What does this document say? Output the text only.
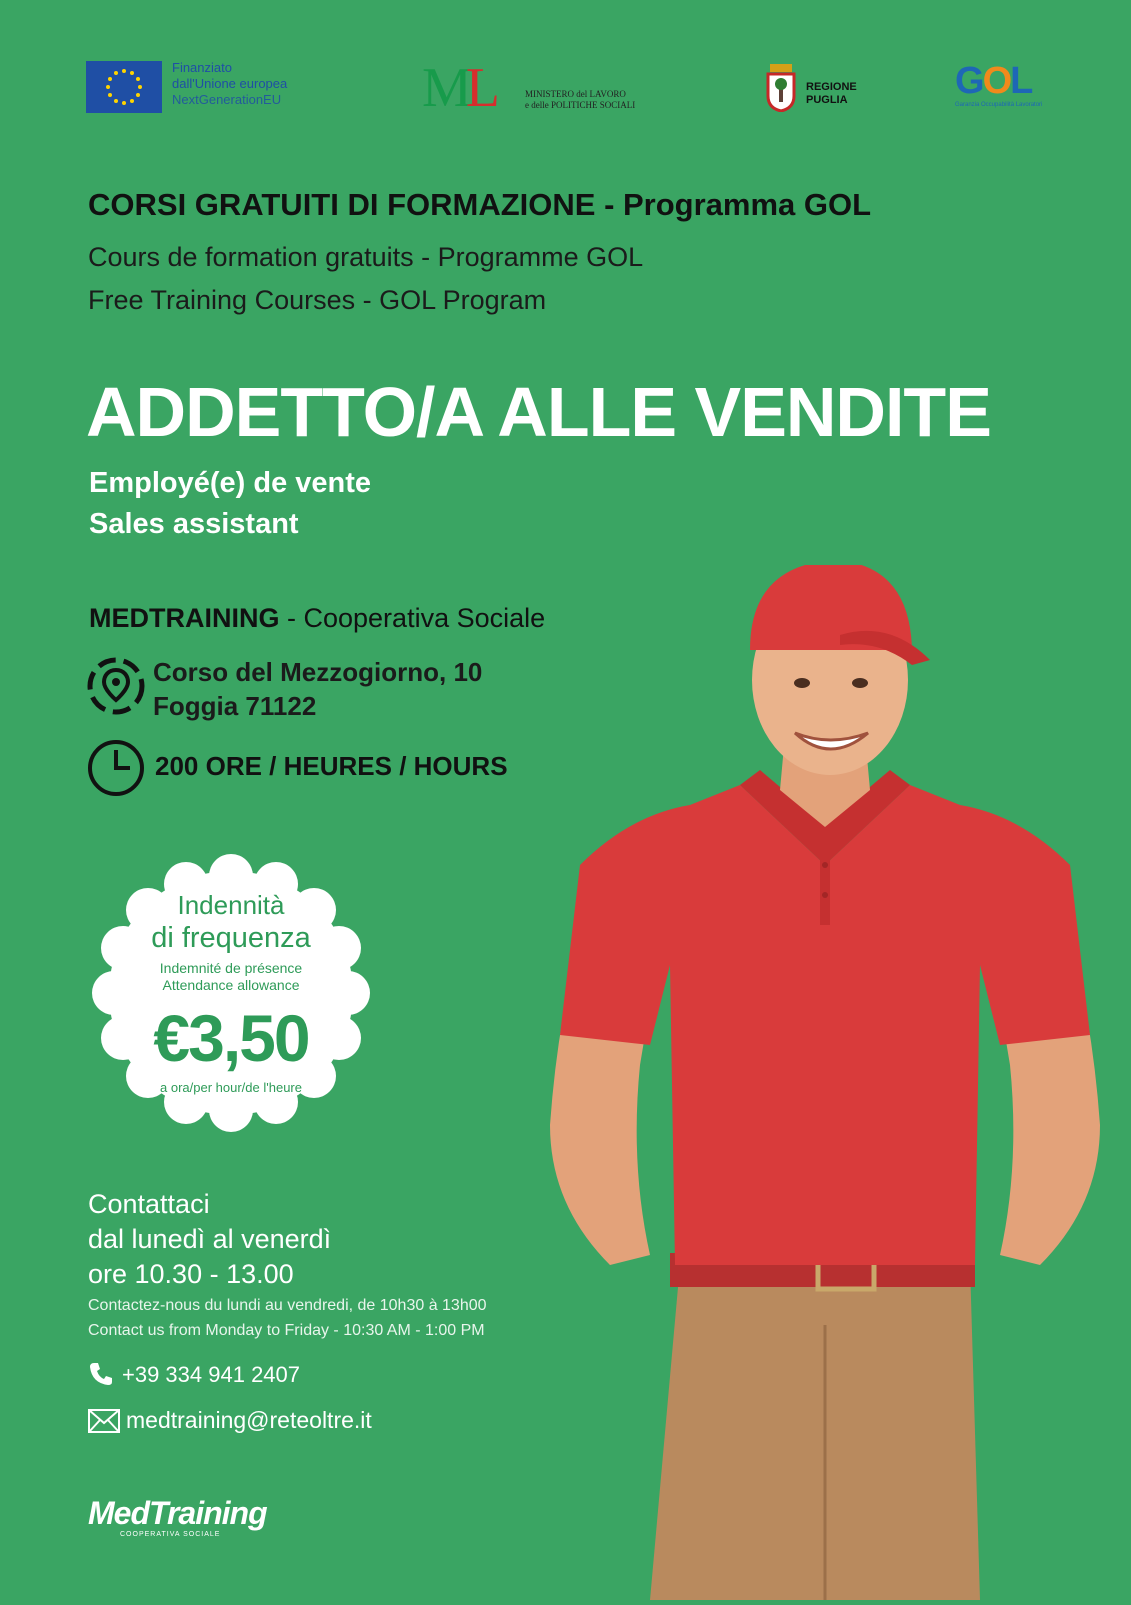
Finanziato
dall'Unione europea
NextGenerationEU	ML	MINISTERO del LAVORO
e delle POLITICHE SOCIALI
REGIONE
PUGLIA	GOL
Garanzia Occupabilità Lavoratori
CORSI GRATUITI DI FORMAZIONE - Programma GOL
Cours de formation gratuits - Programme GOL
Free Training Courses - GOL Program
ADDETTO/A ALLE VENDITE
Employé(e) de vente
Sales assistant
MEDTRAINING - Cooperativa Sociale
Corso del Mezzogiorno, 10
Foggia 71122
200 ORE / HEURES / HOURS
Indennità
di frequenza
Indemnité de présence
Attendance allowance
€3,50
a ora/per hour/de l'heure
Contattaci
dal lunedì al venerdì
ore 10.30 - 13.00
Contactez-nous du lundi au vendredi, de 10h30 à 13h00
Contact us from Monday to Friday - 10:30 AM - 1:00 PM
+39 334 941 2407
medtraining@reteoltre.it
MedTraining
COOPERATIVA SOCIALE
